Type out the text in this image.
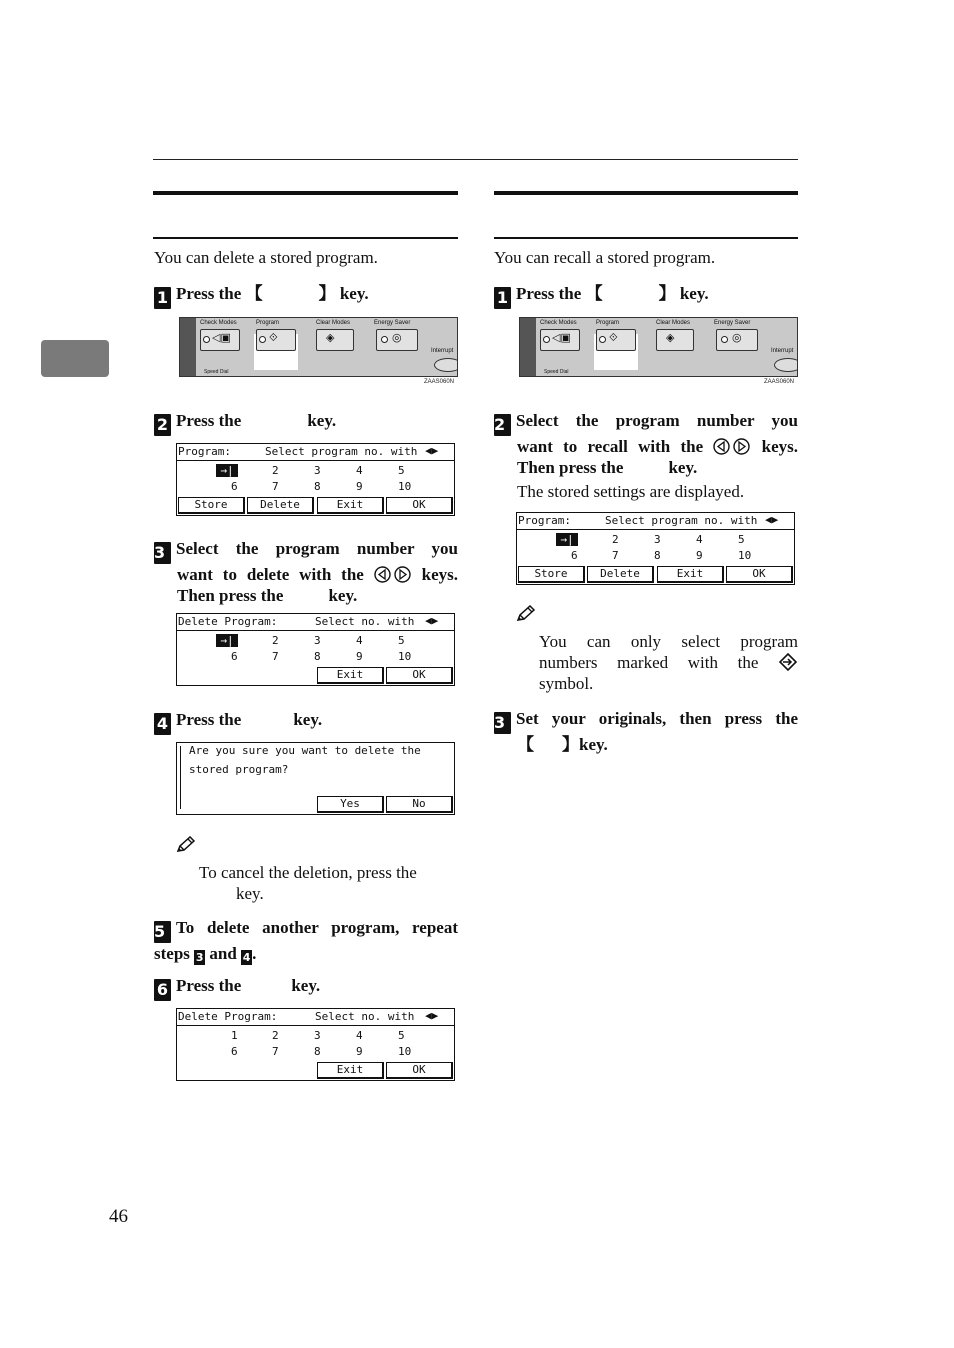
You can delete a stored program.
1 Press the 【	】 key.
Check Modes	Program	Clear Modes	Energy Saver
Interrupt
◁▣	⟐	◈	◎
Speed Dial
ZAAS060N
2 Press the	key.
Program:	Select program no. with ◀▶
→|	2	3	4	5
6	7	8	9	10
Store	Delete	Exit	OK
3 Select the program number you
want to delete with the	keys.
Then press the	key.
Delete Program:	Select no. with ◀▶
→|	2	3	4	5
6	7	8	9	10
Exit	OK
4 Press the	key.
Are you sure you want to delete the
stored program?
Yes	No
To cancel the deletion, press the
key.
5 To delete another program, repeat
steps 3 and 4.
6 Press the	key.
Delete Program:	Select no. with ◀▶
1	2	3	4	5
6	7	8	9	10
Exit	OK
You can recall a stored program.
1 Press the 【	】 key.
Check Modes	Program	Clear Modes	Energy Saver
Interrupt
◁▣	⟐	◈	◎
Speed Dial
ZAAS060N
2 Select the program number you
want to recall with the	keys.
Then press the	key.
The stored settings are displayed.
Program:	Select program no. with ◀▶
→|	2	3	4	5
6	7	8	9	10
Store	Delete	Exit	OK
You can only select program
numbers marked with the
symbol.
3 Set your originals, then press the
【 】key.
46
